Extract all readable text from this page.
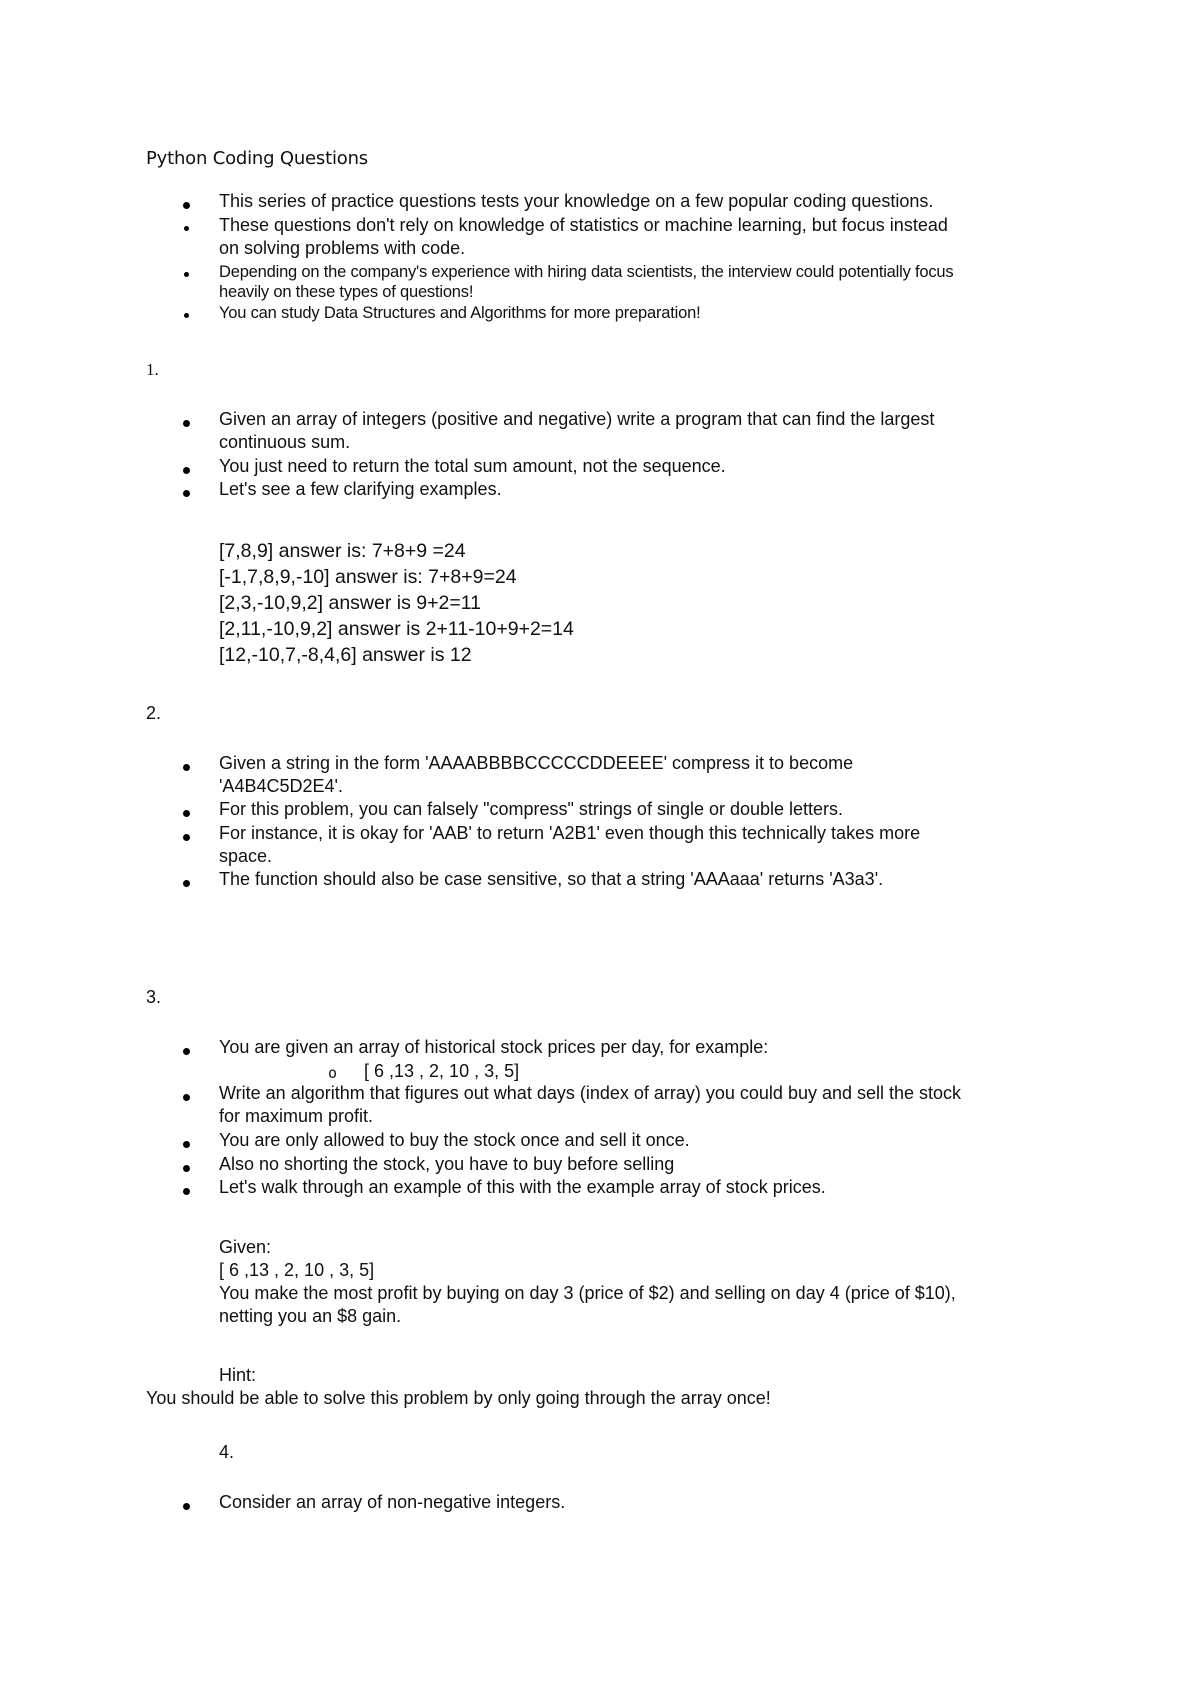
Python Coding Questions
This series of practice questions tests your knowledge on a few popular coding questions.
These questions don't rely on knowledge of statistics or machine learning, but focus instead
on solving problems with code.
Depending on the company's experience with hiring data scientists, the interview could potentially focus
heavily on these types of questions!
You can study Data Structures and Algorithms for more preparation!
1.
Given an array of integers (positive and negative) write a program that can find the largest
continuous sum.
You just need to return the total sum amount, not the sequence.
Let's see a few clarifying examples.
[7,8,9] answer is: 7+8+9 =24
[-1,7,8,9,-10] answer is: 7+8+9=24
[2,3,-10,9,2] answer is 9+2=11
[2,11,-10,9,2] answer is 2+11-10+9+2=14
[12,-10,7,-8,4,6] answer is 12
2.
Given a string in the form 'AAAABBBBCCCCCDDEEEE' compress it to become
'A4B4C5D2E4'.
For this problem, you can falsely "compress" strings of single or double letters.
For instance, it is okay for 'AAB' to return 'A2B1' even though this technically takes more
space.
The function should also be case sensitive, so that a string 'AAAaaa' returns 'A3a3'.
3.
You are given an array of historical stock prices per day, for example:
o [ 6 ,13 , 2, 10 , 3, 5]
Write an algorithm that figures out what days (index of array) you could buy and sell the stock
for maximum profit.
You are only allowed to buy the stock once and sell it once.
Also no shorting the stock, you have to buy before selling
Let's walk through an example of this with the example array of stock prices.
Given:
[ 6 ,13 , 2, 10 , 3, 5]
You make the most profit by buying on day 3 (price of $2) and selling on day 4 (price of $10),
netting you an $8 gain.
Hint:
You should be able to solve this problem by only going through the array once!
4.
Consider an array of non-negative integers.
